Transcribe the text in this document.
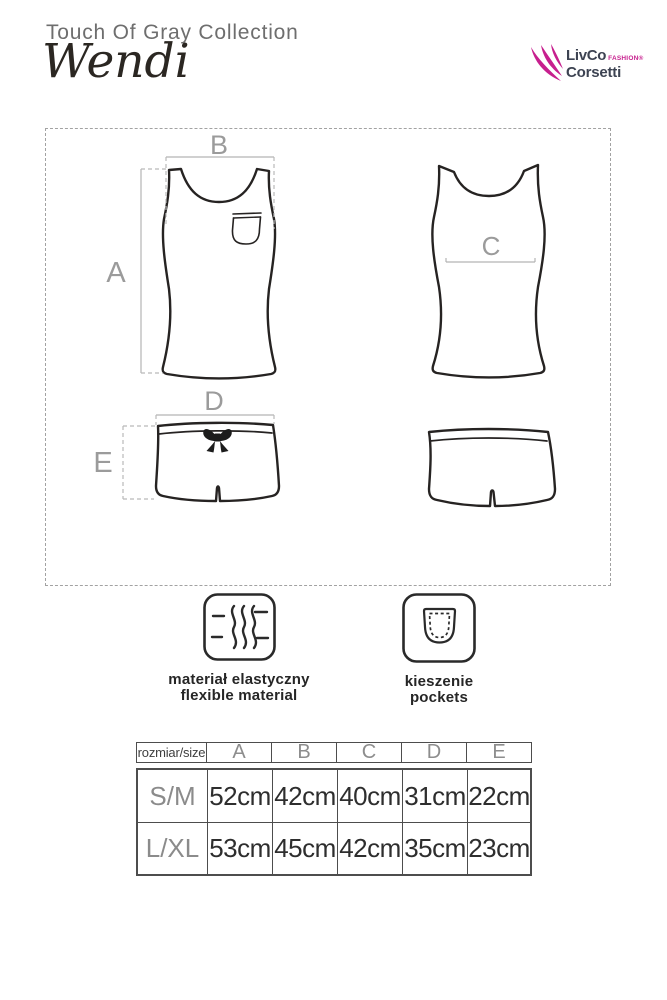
Touch Of Gray Collection
Wendi	LivCo FASHION®
Corsetti
B
A
C
D
E
materiał elastyczny
flexible material
kieszenie
pockets
rozmiar/size	A	B	C	D	E
S/M 52cm 42cm 40cm 31cm 22cm
L/XL 53cm 45cm 42cm 35cm 23cm
